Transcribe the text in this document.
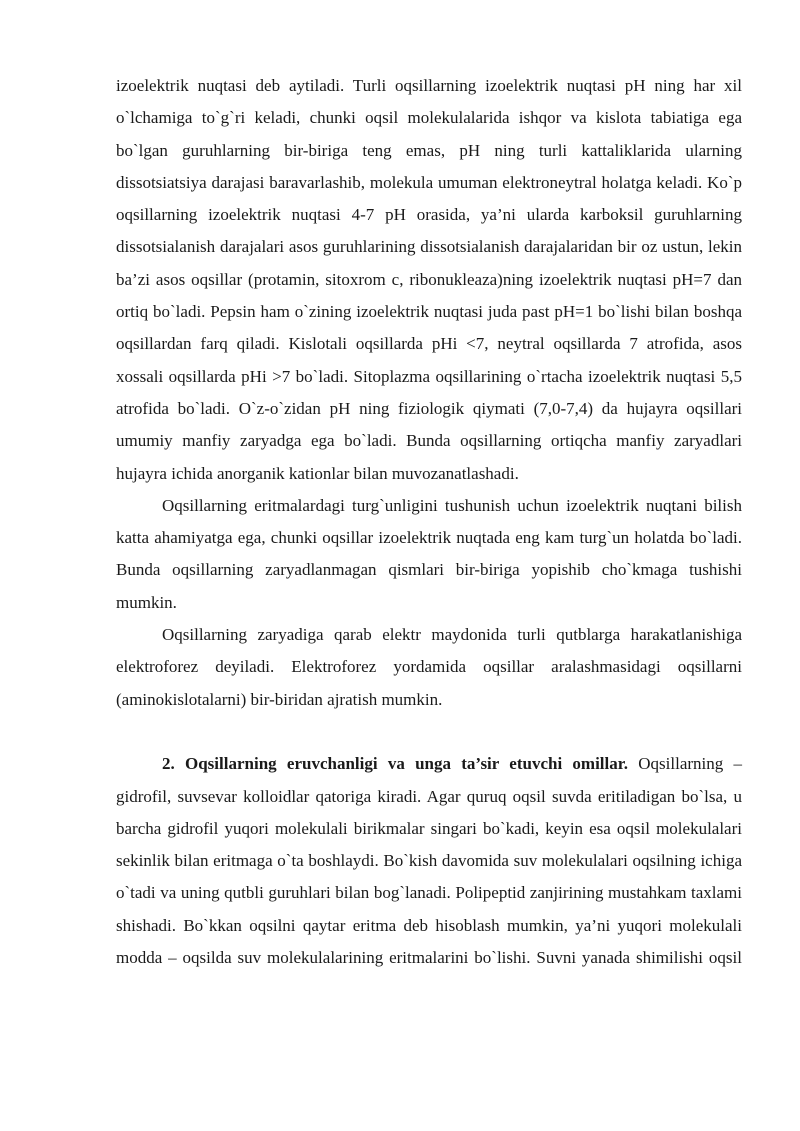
izoelektrik nuqtasi deb aytiladi. Turli oqsillarning izoelektrik nuqtasi pH ning har xil o`lchamiga to`g`ri keladi, chunki oqsil molekulalarida ishqor va kislota tabiatiga ega bo`lgan guruhlarning bir-biriga teng emas, pH ning turli kattaliklarida ularning dissotsiatsiya darajasi baravarlashib, molekula umuman elektroneytral holatga keladi. Ko`p oqsillarning izoelektrik nuqtasi 4-7 pH orasida, ya’ni ularda karboksil guruhlarning dissotsialanish darajalari asos guruhlarining dissotsialanish darajalaridan bir oz ustun, lekin ba’zi asos oqsillar (protamin, sitoxrom c, ribonukleaza)ning izoelektrik nuqtasi pH=7 dan ortiq bo`ladi. Pepsin ham o`zining izoelektrik nuqtasi juda past pH=1 bo`lishi bilan boshqa oqsillardan farq qiladi. Kislotali oqsillarda pHi <7, neytral oqsillarda 7 atrofida, asos xossali oqsillarda pHi >7 bo`ladi. Sitoplazma oqsillarining o`rtacha izoelektrik nuqtasi 5,5 atrofida bo`ladi. O`z-o`zidan pH ning fiziologik qiymati (7,0-7,4) da hujayra oqsillari umumiy manfiy zaryadga ega bo`ladi. Bunda oqsillarning ortiqcha manfiy zaryadlari hujayra ichida anorganik kationlar bilan muvozanatlashadi.

Oqsillarning eritmalardagi turg`unligini tushunish uchun izoelektrik nuqtani bilish katta ahamiyatga ega, chunki oqsillar izoelektrik nuqtada eng kam turg`un holatda bo`ladi. Bunda oqsillarning zaryadlanmagan qismlari bir-biriga yopishib cho`kmaga tushishi mumkin.

Oqsillarning zaryadiga qarab elektr maydonida turli qutblarga harakatlanishiga elektroforez deyiladi. Elektroforez yordamida oqsillar aralashmasidagi oqsillarni (aminokislotalarni) bir-biridan ajratish mumkin.

2. Oqsillarning eruvchanligi va unga ta’sir etuvchi omillar. Oqsillarning – gidrofil, suvsevar kolloidlar qatoriga kiradi. Agar quruq oqsil suvda eritiladigan bo`lsa, u barcha gidrofil yuqori molekulali birikmalar singari bo`kadi, keyin esa oqsil molekulalari sekinlik bilan eritmaga o`ta boshlaydi. Bo`kish davomida suv molekulalari oqsilning ichiga o`tadi va uning qutbli guruhlari bilan bog`lanadi. Polipeptid zanjirining mustahkam taxlami shishadi. Bo`kkan oqsilni qaytar eritma deb hisoblash mumkin, ya’ni yuqori molekulali modda – oqsilda suv molekulalarining eritmalarini bo`lishi. Suvni yanada shimilishi oqsil
